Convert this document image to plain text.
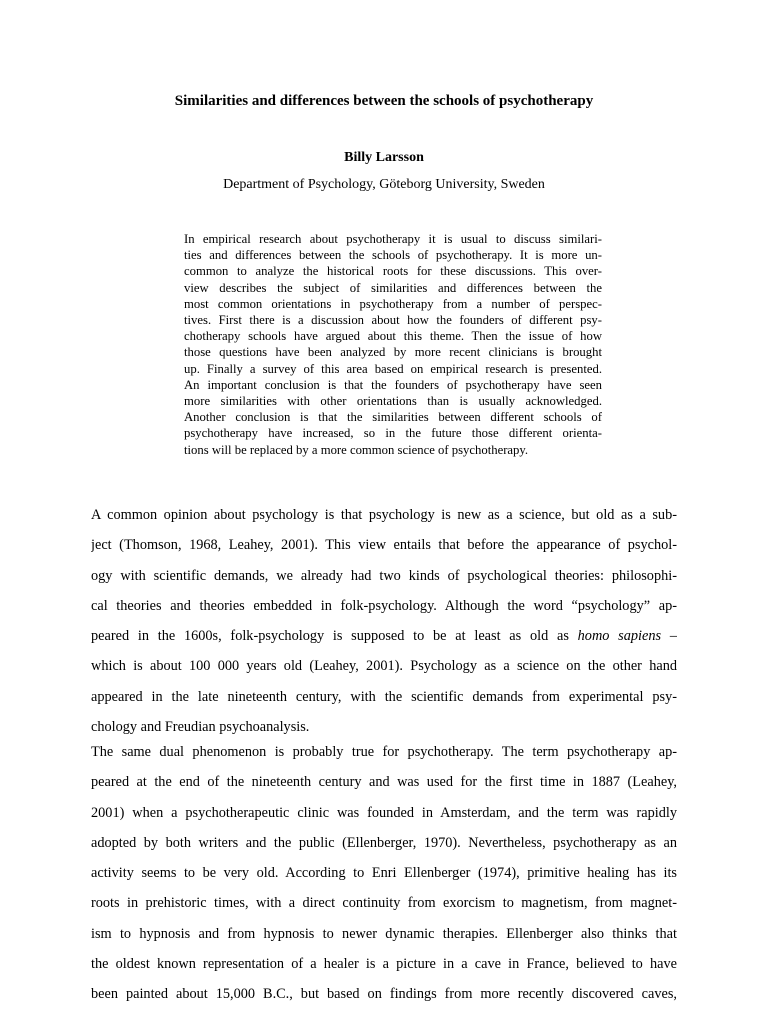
Similarities and differences between the schools of psychotherapy
Billy Larsson
Department of Psychology, Göteborg University, Sweden
In empirical research about psychotherapy it is usual to discuss similari-
ties and differences between the schools of psychotherapy. It is more un-
common to analyze the historical roots for these discussions. This over-
view describes the subject of similarities and differences between the
most common orientations in psychotherapy from a number of perspec-
tives. First there is a discussion about how the founders of different psy-
chotherapy schools have argued about this theme. Then the issue of how
those questions have been analyzed by more recent clinicians is brought
up. Finally a survey of this area based on empirical research is presented.
An important conclusion is that the founders of psychotherapy have seen
more similarities with other orientations than is usually acknowledged.
Another conclusion is that the similarities between different schools of
psychotherapy have increased, so in the future those different orienta-
tions will be replaced by a more common science of psychotherapy.
A common opinion about psychology is that psychology is new as a science, but old as a sub-
ject (Thomson, 1968, Leahey, 2001). This view entails that before the appearance of psychol-
ogy with scientific demands, we already had two kinds of psychological theories: philosophi-
cal theories and theories embedded in folk-psychology. Although the word “psychology” ap-
peared in the 1600s, folk-psychology is supposed to be at least as old as homo sapiens –
which is about 100 000 years old (Leahey, 2001). Psychology as a science on the other hand
appeared in the late nineteenth century, with the scientific demands from experimental psy-
chology and Freudian psychoanalysis.
The same dual phenomenon is probably true for psychotherapy. The term psychotherapy ap-
peared at the end of the nineteenth century and was used for the first time in 1887 (Leahey,
2001) when a psychotherapeutic clinic was founded in Amsterdam, and the term was rapidly
adopted by both writers and the public (Ellenberger, 1970). Nevertheless, psychotherapy as an
activity seems to be very old. According to Enri Ellenberger (1974), primitive healing has its
roots in prehistoric times, with a direct continuity from exorcism to magnetism, from magnet-
ism to hypnosis and from hypnosis to newer dynamic therapies. Ellenberger also thinks that
the oldest known representation of a healer is a picture in a cave in France, believed to have
been painted about 15,000 B.C., but based on findings from more recently discovered caves,
